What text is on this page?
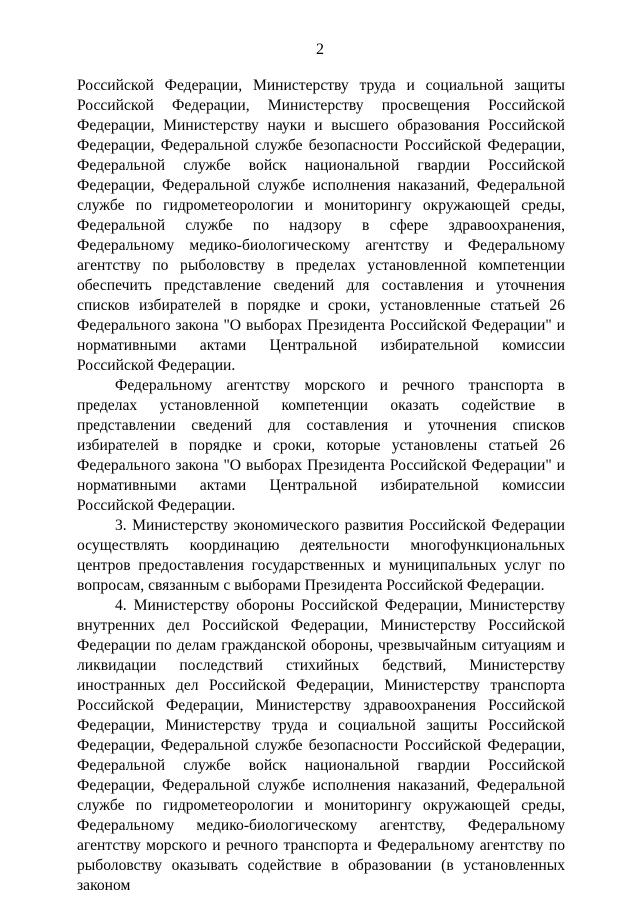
2

Российской Федерации, Министерству труда и социальной защиты Российской Федерации, Министерству просвещения Российской Федерации, Министерству науки и высшего образования Российской Федерации, Федеральной службе безопасности Российской Федерации, Федеральной службе войск национальной гвардии Российской Федерации, Федеральной службе исполнения наказаний, Федеральной службе по гидрометеорологии и мониторингу окружающей среды, Федеральной службе по надзору в сфере здравоохранения, Федеральному медико-биологическому агентству и Федеральному агентству по рыболовству в пределах установленной компетенции обеспечить представление сведений для составления и уточнения списков избирателей в порядке и сроки, установленные статьей 26 Федерального закона "О выборах Президента Российской Федерации" и нормативными актами Центральной избирательной комиссии Российской Федерации.

Федеральному агентству морского и речного транспорта в пределах установленной компетенции оказать содействие в представлении сведений для составления и уточнения списков избирателей в порядке и сроки, которые установлены статьей 26 Федерального закона "О выборах Президента Российской Федерации" и нормативными актами Центральной избирательной комиссии Российской Федерации.

3. Министерству экономического развития Российской Федерации осуществлять координацию деятельности многофункциональных центров предоставления государственных и муниципальных услуг по вопросам, связанным с выборами Президента Российской Федерации.

4. Министерству обороны Российской Федерации, Министерству внутренних дел Российской Федерации, Министерству Российской Федерации по делам гражданской обороны, чрезвычайным ситуациям и ликвидации последствий стихийных бедствий, Министерству иностранных дел Российской Федерации, Министерству транспорта Российской Федерации, Министерству здравоохранения Российской Федерации, Министерству труда и социальной защиты Российской Федерации, Федеральной службе безопасности Российской Федерации, Федеральной службе войск национальной гвардии Российской Федерации, Федеральной службе исполнения наказаний, Федеральной службе по гидрометеорологии и мониторингу окружающей среды, Федеральному медико-биологическому агентству, Федеральному агентству морского и речного транспорта и Федеральному агентству по рыболовству оказывать содействие в образовании (в установленных законом
